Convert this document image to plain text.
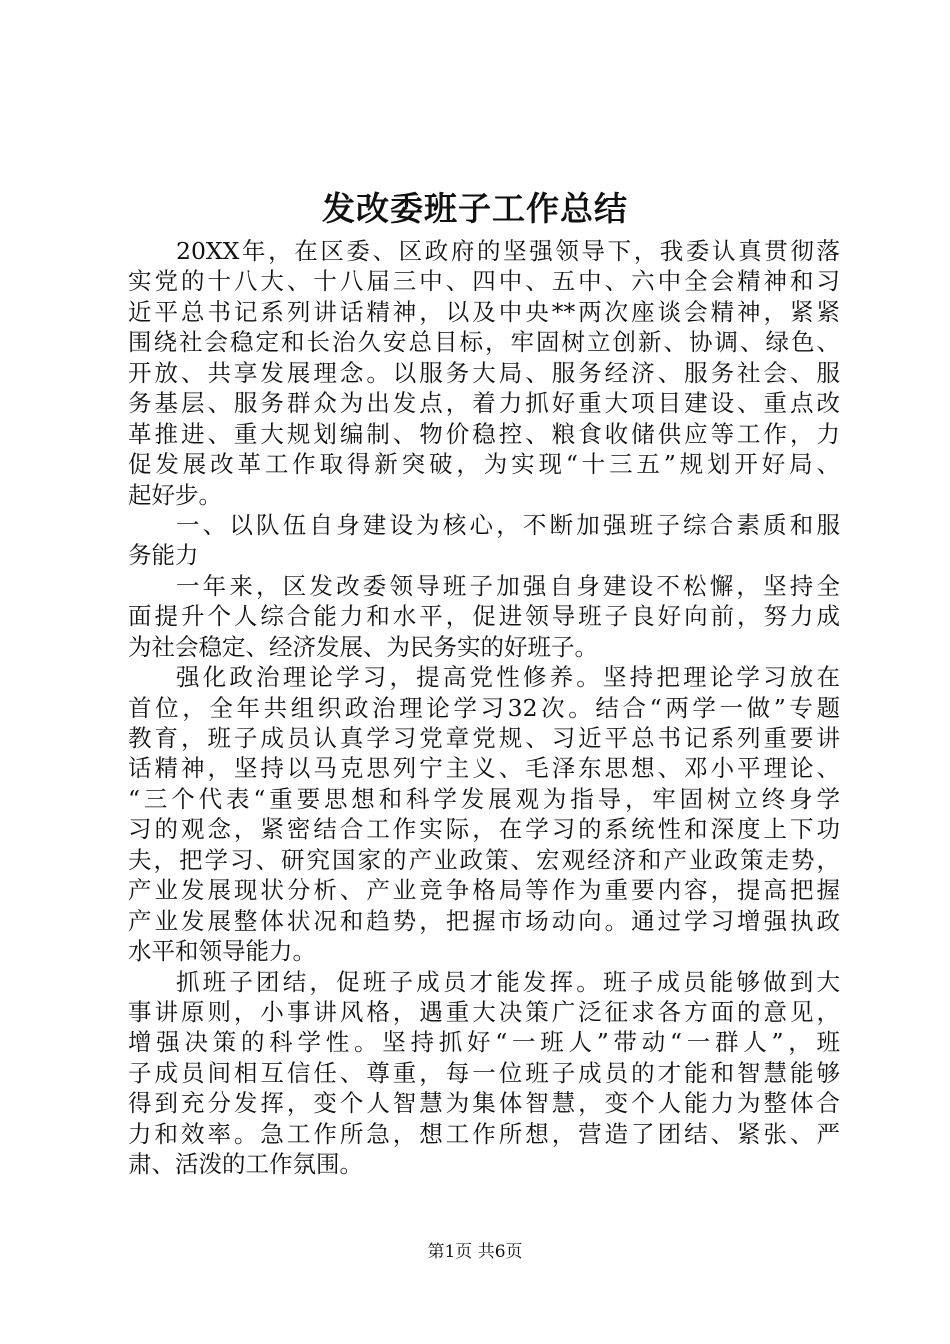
发改委班子工作总结
20XX年，在区委、区政府的坚强领导下，我委认真贯彻落
实党的十八大、十八届三中、四中、五中、六中全会精神和习
近平总书记系列讲话精神，以及中央**两次座谈会精神，紧紧
围绕社会稳定和长治久安总目标，牢固树立创新、协调、绿色、
开放、共享发展理念。以服务大局、服务经济、服务社会、服
务基层、服务群众为出发点，着力抓好重大项目建设、重点改
革推进、重大规划编制、物价稳控、粮食收储供应等工作，力
促发展改革工作取得新突破，为实现“十三五”规划开好局、
起好步。
一、以队伍自身建设为核心，不断加强班子综合素质和服
务能力
一年来，区发改委领导班子加强自身建设不松懈，坚持全
面提升个人综合能力和水平，促进领导班子良好向前，努力成
为社会稳定、经济发展、为民务实的好班子。
强化政治理论学习，提高党性修养。坚持把理论学习放在
首位，全年共组织政治理论学习32次。结合“两学一做”专题
教育，班子成员认真学习党章党规、习近平总书记系列重要讲
话精神，坚持以马克思列宁主义、毛泽东思想、邓小平理论、
“三个代表“重要思想和科学发展观为指导，牢固树立终身学
习的观念，紧密结合工作实际，在学习的系统性和深度上下功
夫，把学习、研究国家的产业政策、宏观经济和产业政策走势，
产业发展现状分析、产业竞争格局等作为重要内容，提高把握
产业发展整体状况和趋势，把握市场动向。通过学习增强执政
水平和领导能力。
抓班子团结，促班子成员才能发挥。班子成员能够做到大
事讲原则，小事讲风格，遇重大决策广泛征求各方面的意见，
增强决策的科学性。坚持抓好“一班人”带动“一群人”，班
子成员间相互信任、尊重，每一位班子成员的才能和智慧能够
得到充分发挥，变个人智慧为集体智慧，变个人能力为整体合
力和效率。急工作所急，想工作所想，营造了团结、紧张、严
肃、活泼的工作氛围。
第1页 共6页
